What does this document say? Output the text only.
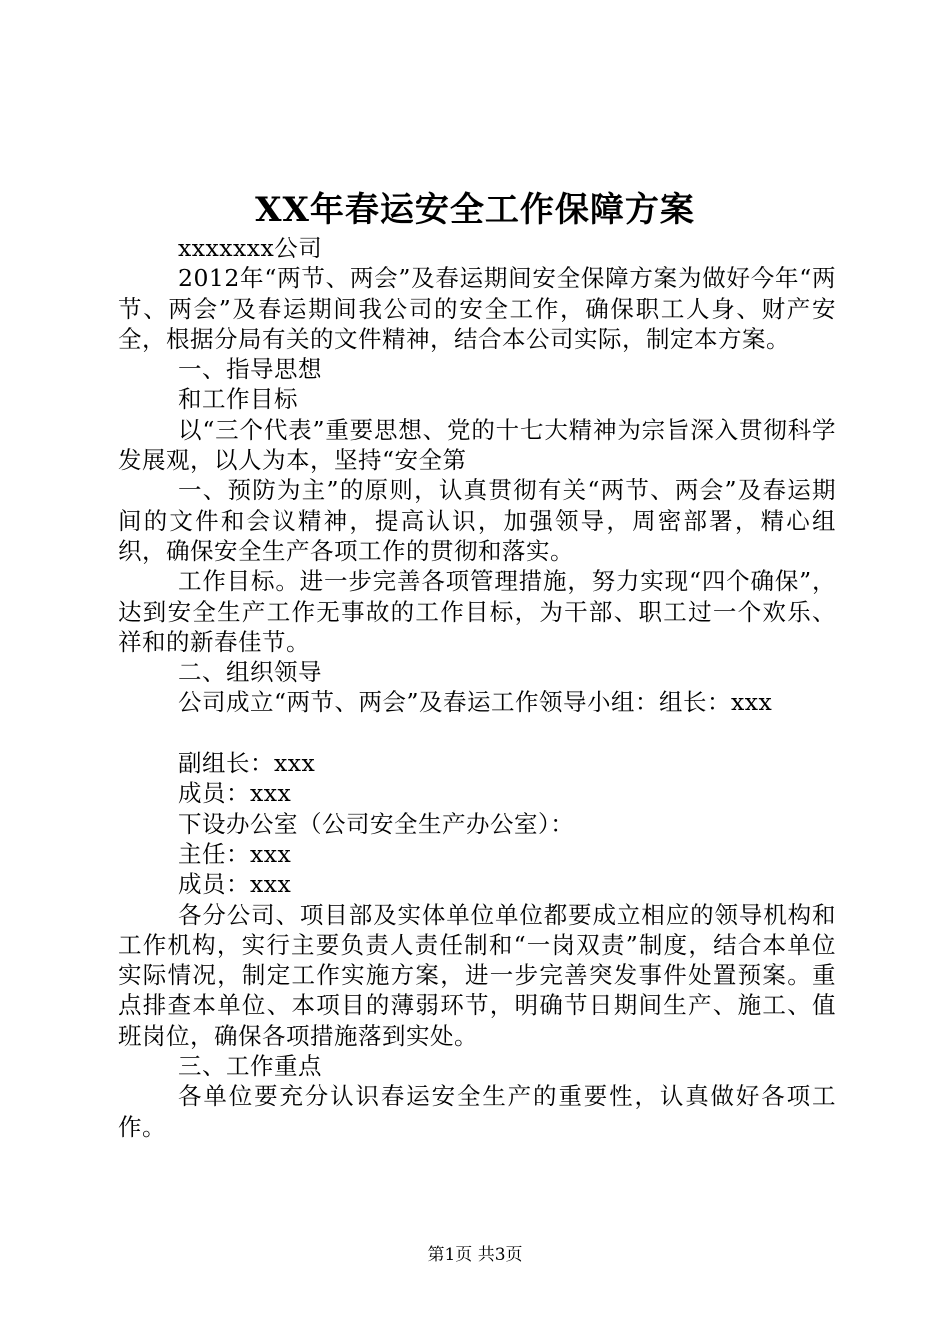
XX年春运安全工作保障方案

xxxxxxx公司

2012年“两节、两会”及春运期间安全保障方案为做好今年“两节、两会”及春运期间我公司的安全工作，确保职工人身、财产安全，根据分局有关的文件精神，结合本公司实际，制定本方案。

一、指导思想

和工作目标

以“三个代表”重要思想、党的十七大精神为宗旨深入贯彻科学发展观，以人为本，坚持“安全第

一、预防为主”的原则，认真贯彻有关“两节、两会”及春运期间的文件和会议精神，提高认识，加强领导，周密部署，精心组织，确保安全生产各项工作的贯彻和落实。

工作目标。进一步完善各项管理措施，努力实现“四个确保”，达到安全生产工作无事故的工作目标，为干部、职工过一个欢乐、祥和的新春佳节。

二、组织领导

公司成立“两节、两会”及春运工作领导小组：组长：xxx

副组长：xxx

成员：xxx

下设办公室（公司安全生产办公室）：

主任：xxx

成员：xxx

各分公司、项目部及实体单位单位都要成立相应的领导机构和工作机构，实行主要负责人责任制和“一岗双责”制度，结合本单位实际情况，制定工作实施方案，进一步完善突发事件处置预案。重点排查本单位、本项目的薄弱环节，明确节日期间生产、施工、值班岗位，确保各项措施落到实处。

三、工作重点

各单位要充分认识春运安全生产的重要性，认真做好各项工作。

第1页 共3页
